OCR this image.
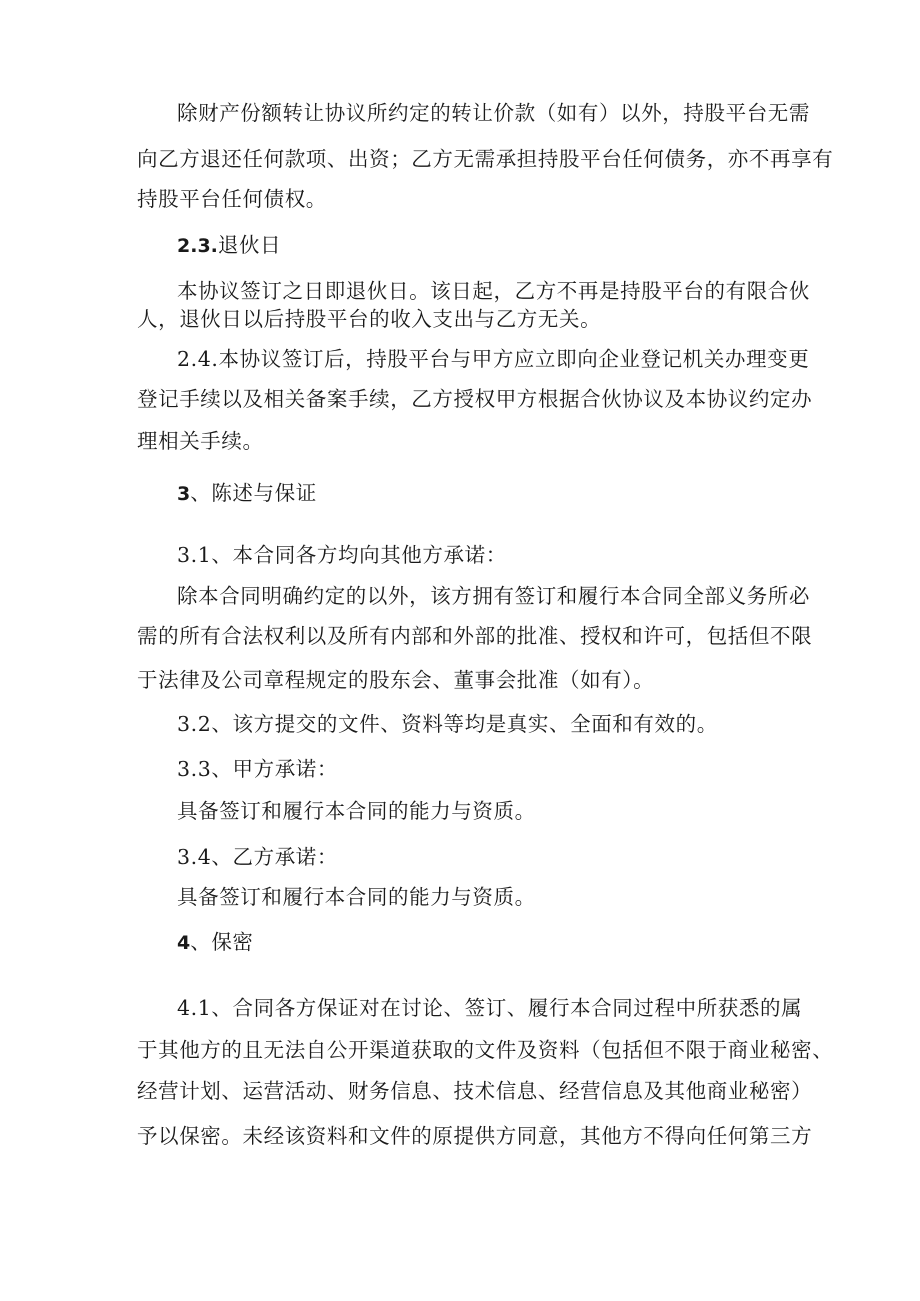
除财产份额转让协议所约定的转让价款（如有）以外，持股平台无需
向乙方退还任何款项、出资；乙方无需承担持股平台任何债务，亦不再享有
持股平台任何债权。
2.3.退伙日
本协议签订之日即退伙日。该日起，乙方不再是持股平台的有限合伙
人，退伙日以后持股平台的收入支出与乙方无关。
2.4.本协议签订后，持股平台与甲方应立即向企业登记机关办理变更
登记手续以及相关备案手续，乙方授权甲方根据合伙协议及本协议约定办
理相关手续。
3、陈述与保证
3.1、本合同各方均向其他方承诺：
除本合同明确约定的以外，该方拥有签订和履行本合同全部义务所必
需的所有合法权利以及所有内部和外部的批准、授权和许可，包括但不限
于法律及公司章程规定的股东会、董事会批准（如有）。
3.2、该方提交的文件、资料等均是真实、全面和有效的。
3.3、甲方承诺：
具备签订和履行本合同的能力与资质。
3.4、乙方承诺：
具备签订和履行本合同的能力与资质。
4、保密
4.1、合同各方保证对在讨论、签订、履行本合同过程中所获悉的属
于其他方的且无法自公开渠道获取的文件及资料（包括但不限于商业秘密、
经营计划、运营活动、财务信息、技术信息、经营信息及其他商业秘密）
予以保密。未经该资料和文件的原提供方同意，其他方不得向任何第三方
